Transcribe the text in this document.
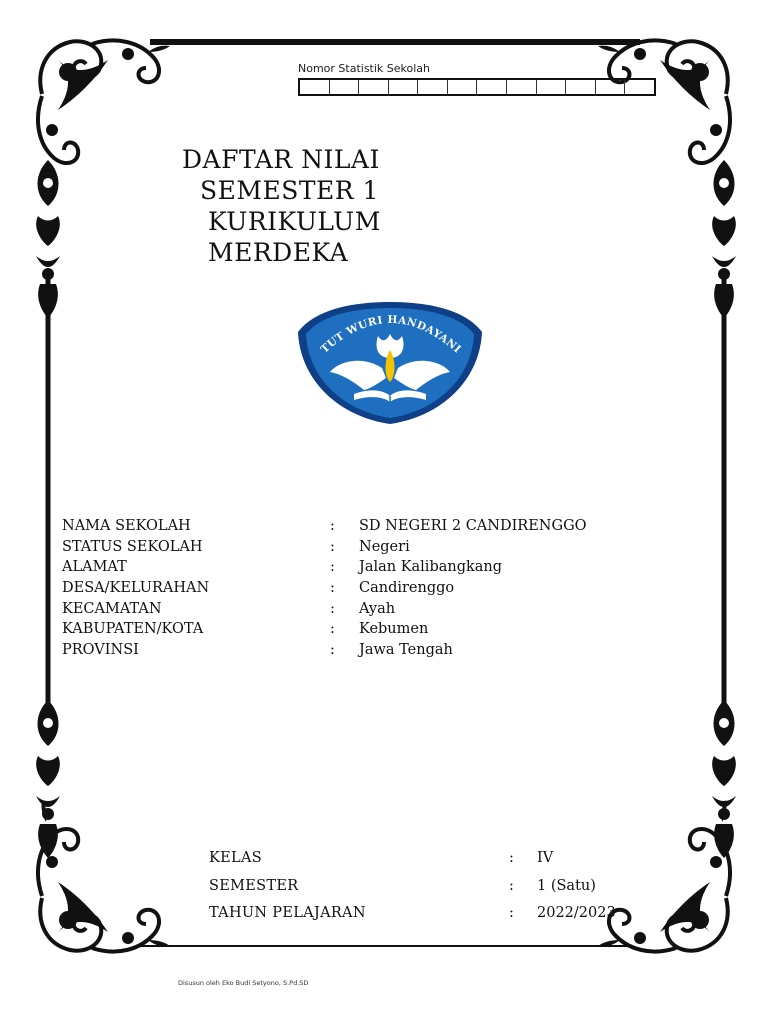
Nomor Statistik Sekolah
DAFTAR NILAI
SEMESTER 1
KURIKULUM
MERDEKA
TUT WURI HANDAYANI
NAMA SEKOLAH	: SD NEGERI 2 CANDIRENGGO
STATUS SEKOLAH	: Negeri
ALAMAT	: Jalan Kalibangkang
DESA/KELURAHAN	: Candirenggo
KECAMATAN	: Ayah
KABUPATEN/KOTA	: Kebumen
PROVINSI	: Jawa Tengah
KELAS	: IV
SEMESTER	: 1 (Satu)
TAHUN PELAJARAN	: 2022/2023
Disusun oleh Eko Budi Setyono, S.Pd.SD
